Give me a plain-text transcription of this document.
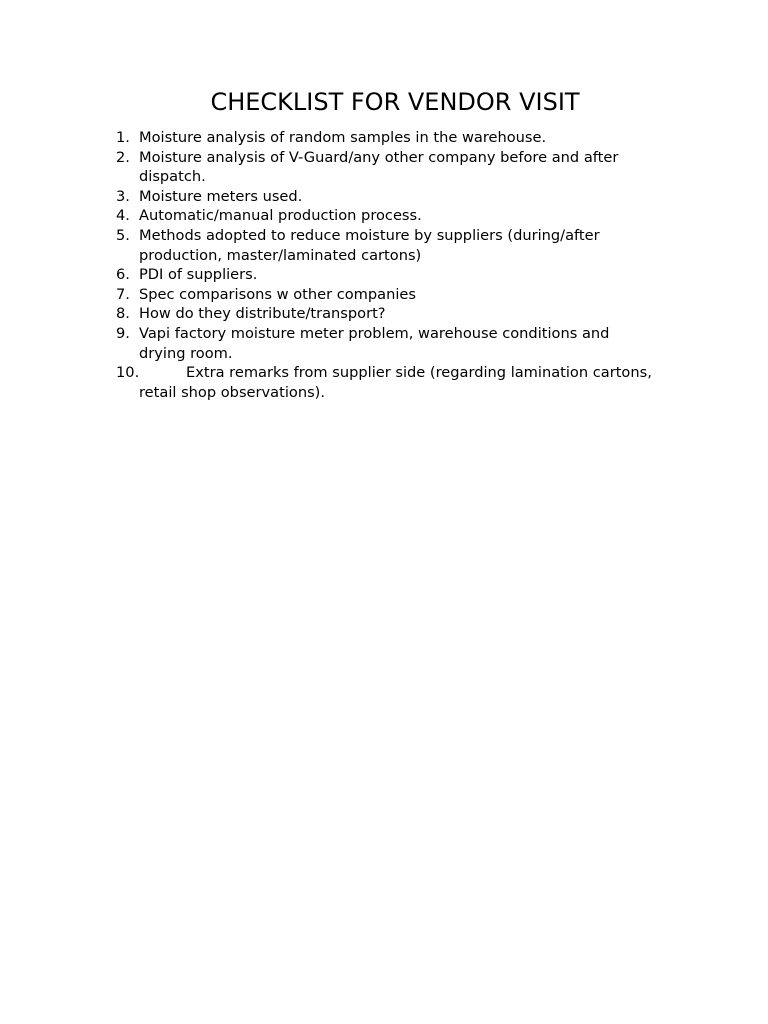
CHECKLIST FOR VENDOR VISIT
1. Moisture analysis of random samples in the warehouse.
2. Moisture analysis of V-Guard/any other company before and after dispatch.
3. Moisture meters used.
4. Automatic/manual production process.
5. Methods adopted to reduce moisture by suppliers (during/after production, master/laminated cartons)
6. PDI of suppliers.
7. Spec comparisons w other companies
8. How do they distribute/transport?
9. Vapi factory moisture meter problem, warehouse conditions and drying room.
10.	Extra remarks from supplier side (regarding lamination cartons, retail shop observations).
